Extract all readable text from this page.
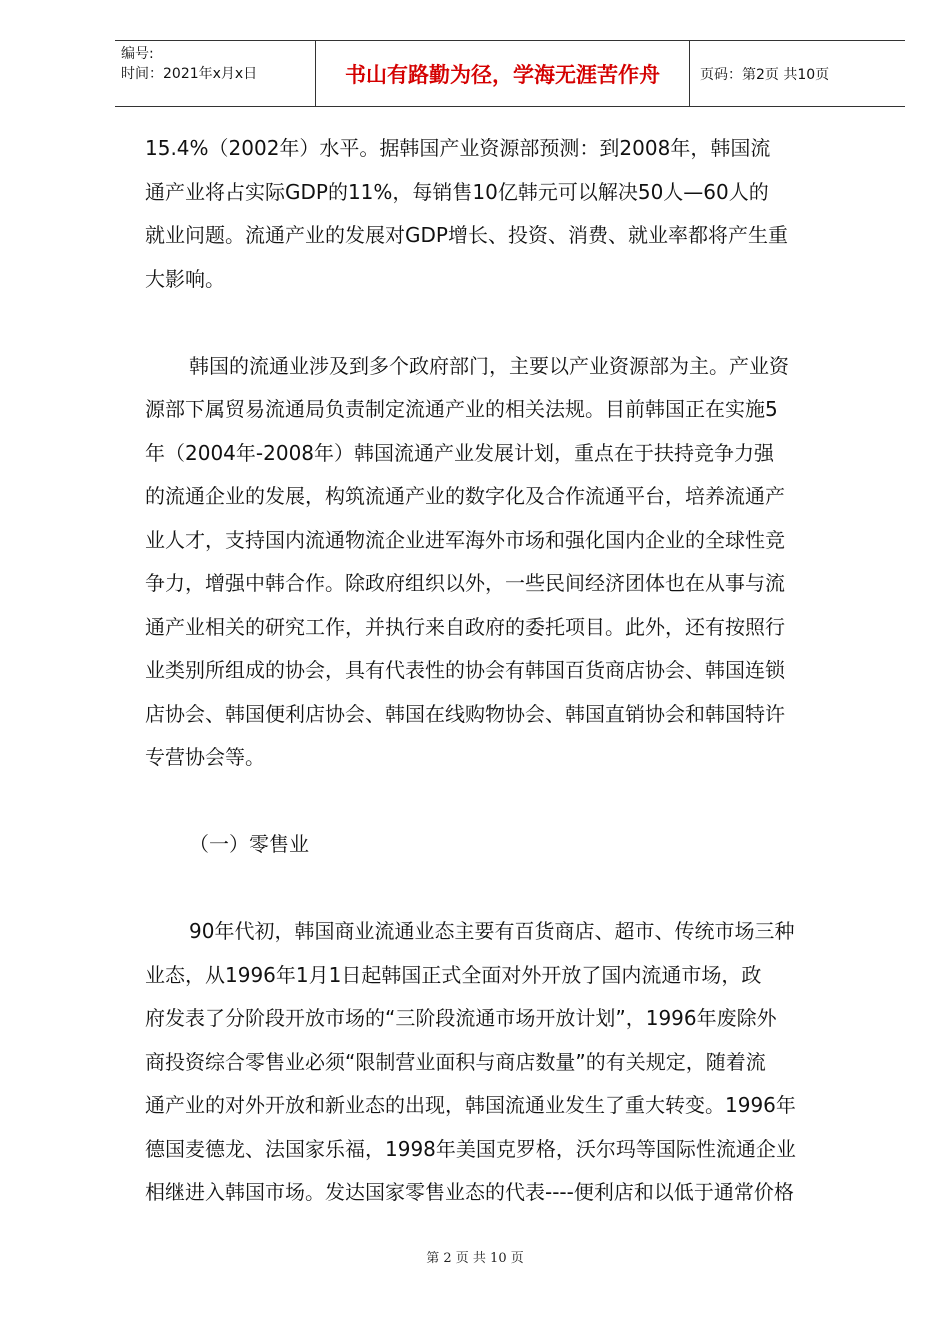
编号:
时间：2021年x月x日	书山有路勤为径，学海无涯苦作舟	页码：第2页 共10页

15.4%（2002年）水平。据韩国产业资源部预测：到2008年，韩国流
通产业将占实际GDP的11%，每销售10亿韩元可以解决50人—60人的
就业问题。流通产业的发展对GDP增长、投资、消费、就业率都将产生重
大影响。

韩国的流通业涉及到多个政府部门，主要以产业资源部为主。产业资
源部下属贸易流通局负责制定流通产业的相关法规。目前韩国正在实施5
年（2004年-2008年）韩国流通产业发展计划，重点在于扶持竞争力强
的流通企业的发展，构筑流通产业的数字化及合作流通平台，培养流通产
业人才，支持国内流通物流企业进军海外市场和强化国内企业的全球性竞
争力，增强中韩合作。除政府组织以外，一些民间经济团体也在从事与流
通产业相关的研究工作，并执行来自政府的委托项目。此外，还有按照行
业类别所组成的协会，具有代表性的协会有韩国百货商店协会、韩国连锁
店协会、韩国便利店协会、韩国在线购物协会、韩国直销协会和韩国特许
专营协会等。

（一）零售业

90年代初，韩国商业流通业态主要有百货商店、超市、传统市场三种
业态，从1996年1月1日起韩国正式全面对外开放了国内流通市场，政
府发表了分阶段开放市场的“三阶段流通市场开放计划”，1996年废除外
商投资综合零售业必须“限制营业面积与商店数量”的有关规定，随着流
通产业的对外开放和新业态的出现，韩国流通业发生了重大转变。1996年
德国麦德龙、法国家乐福，1998年美国克罗格，沃尔玛等国际性流通企业
相继进入韩国市场。发达国家零售业态的代表----便利店和以低于通常价格

第 2 页 共 10 页
